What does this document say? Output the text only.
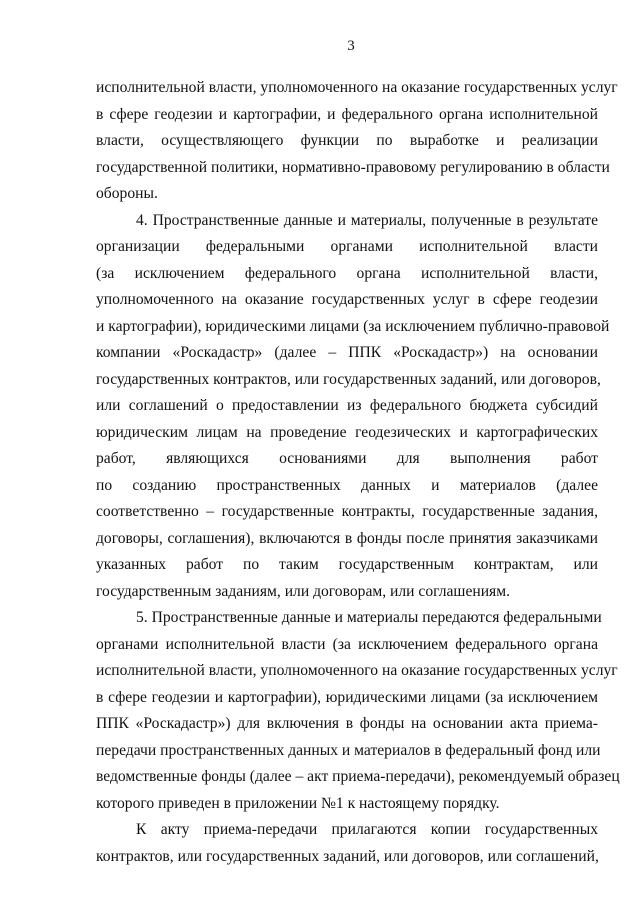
3

исполнительной власти, уполномоченного на оказание государственных услуг

в сфере геодезии и картографии, и федерального органа исполнительной

власти, осуществляющего функции по выработке и реализации

государственной политики, нормативно-правовому регулированию в области

обороны.

4. Пространственные данные и материалы, полученные в результате

организации федеральными органами исполнительной власти

(за исключением федерального органа исполнительной власти,

уполномоченного на оказание государственных услуг в сфере геодезии

и картографии), юридическими лицами (за исключением публично-правовой

компании «Роскадастр» (далее – ППК «Роскадастр») на основании

государственных контрактов, или государственных заданий, или договоров,

или соглашений о предоставлении из федерального бюджета субсидий

юридическим лицам на проведение геодезических и картографических

работ, являющихся основаниями для выполнения работ

по созданию пространственных данных и материалов (далее

соответственно – государственные контракты, государственные задания,

договоры, соглашения), включаются в фонды после принятия заказчиками

указанных работ по таким государственным контрактам, или

государственным заданиям, или договорам, или соглашениям.

5. Пространственные данные и материалы передаются федеральными

органами исполнительной власти (за исключением федерального органа

исполнительной власти, уполномоченного на оказание государственных услуг

в сфере геодезии и картографии), юридическими лицами (за исключением

ППК «Роскадастр») для включения в фонды на основании акта приема-

передачи пространственных данных и материалов в федеральный фонд или

ведомственные фонды (далее – акт приема-передачи), рекомендуемый образец

которого приведен в приложении №1 к настоящему порядку.

К акту приема-передачи прилагаются копии государственных

контрактов, или государственных заданий, или договоров, или соглашений,
